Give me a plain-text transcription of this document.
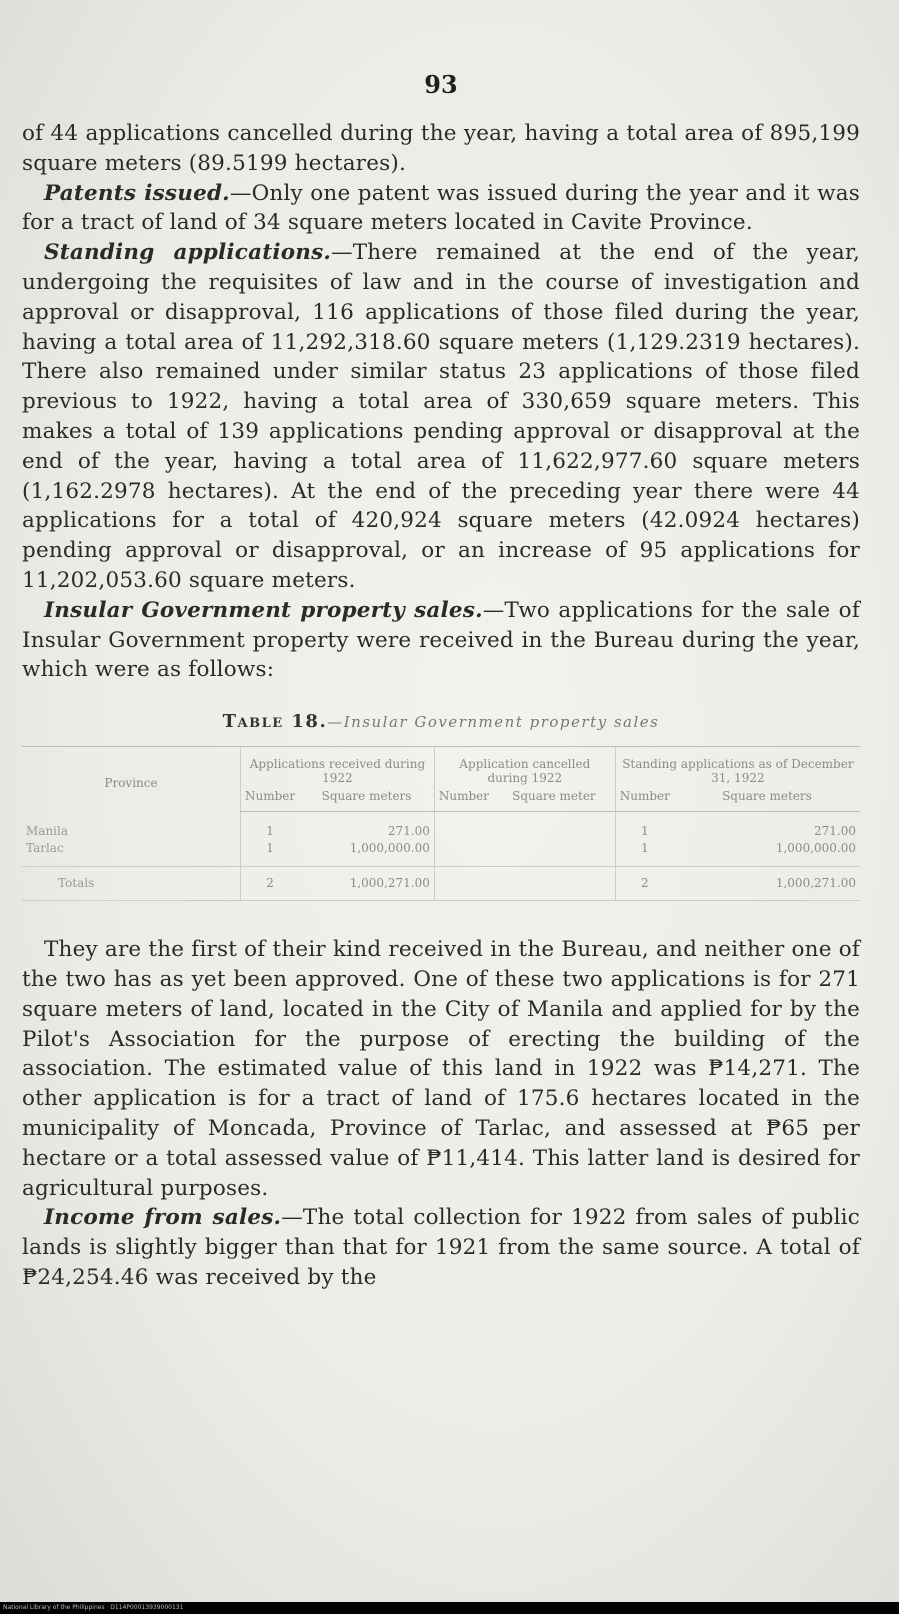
93

of 44 applications cancelled during the year, having a total area of 895,199 square meters (89.5199 hectares).

Patents issued.—Only one patent was issued during the year and it was for a tract of land of 34 square meters located in Cavite Province.

Standing applications.—There remained at the end of the year, undergoing the requisites of law and in the course of investigation and approval or disapproval, 116 applications of those filed during the year, having a total area of 11,292,318.60 square meters (1,129.2319 hectares). There also remained under similar status 23 applications of those filed previous to 1922, having a total area of 330,659 square meters. This makes a total of 139 applications pending approval or disapproval at the end of the year, having a total area of 11,622,977.60 square meters (1,162.2978 hectares). At the end of the preceding year there were 44 applications for a total of 420,924 square meters (42.0924 hectares) pending approval or disapproval, or an increase of 95 applications for 11,202,053.60 square meters.

Insular Government property sales.—Two applications for the sale of Insular Government property were received in the Bureau during the year, which were as follows:

Table 18.—Insular Government property sales
Province	Applications received during 1922		Application cancelled during 1922		Standing applications as of December 31, 1922	
	Number	Square meters	Number	Square meter	Number	Square meters
Manila	1	271.00			1	271.00
Tarlac	1	1,000,000.00			1	1,000,000.00
Totals	2	1,000,271.00			2	1,000,271.00

They are the first of their kind received in the Bureau, and neither one of the two has as yet been approved. One of these two applications is for 271 square meters of land, located in the City of Manila and applied for by the Pilot's Association for the purpose of erecting the building of the association. The estimated value of this land in 1922 was ₱14,271. The other application is for a tract of land of 175.6 hectares located in the municipality of Moncada, Province of Tarlac, and assessed at ₱65 per hectare or a total assessed value of ₱11,414. This latter land is desired for agricultural purposes.

Income from sales.—The total collection for 1922 from sales of public lands is slightly bigger than that for 1921 from the same source. A total of ₱24,254.46 was received by the

National Library of the Philippines · D114P00013939000131
